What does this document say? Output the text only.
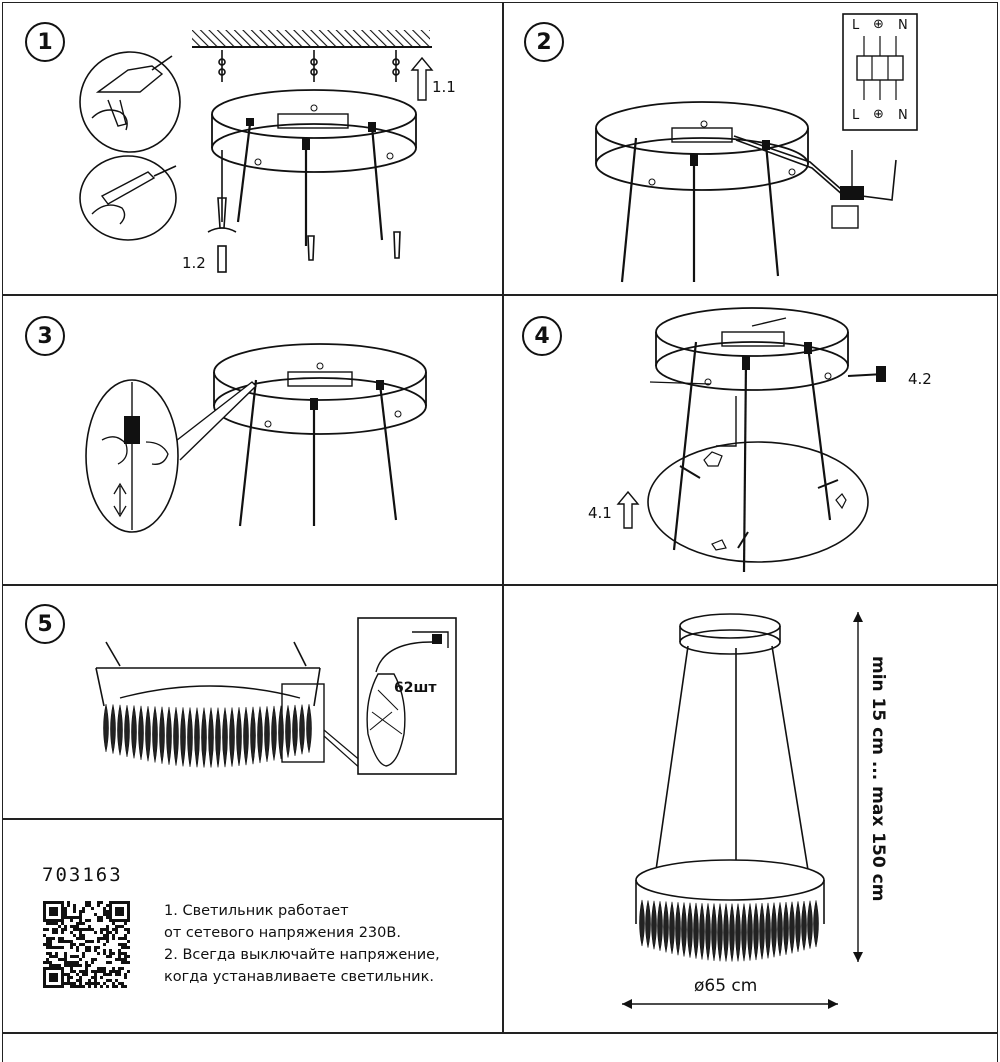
1	2
3	4
5
1.1
1.2
L ⊕ N
L ⊕ N
4.1
4.2
62шт
703163
1. Светильник работает
от сетевого напряжения 230В.
2. Всегда выключайте напряжение,
когда устанавливаете светильник.
min 15 cm ... max 150 cm
ø65 cm
